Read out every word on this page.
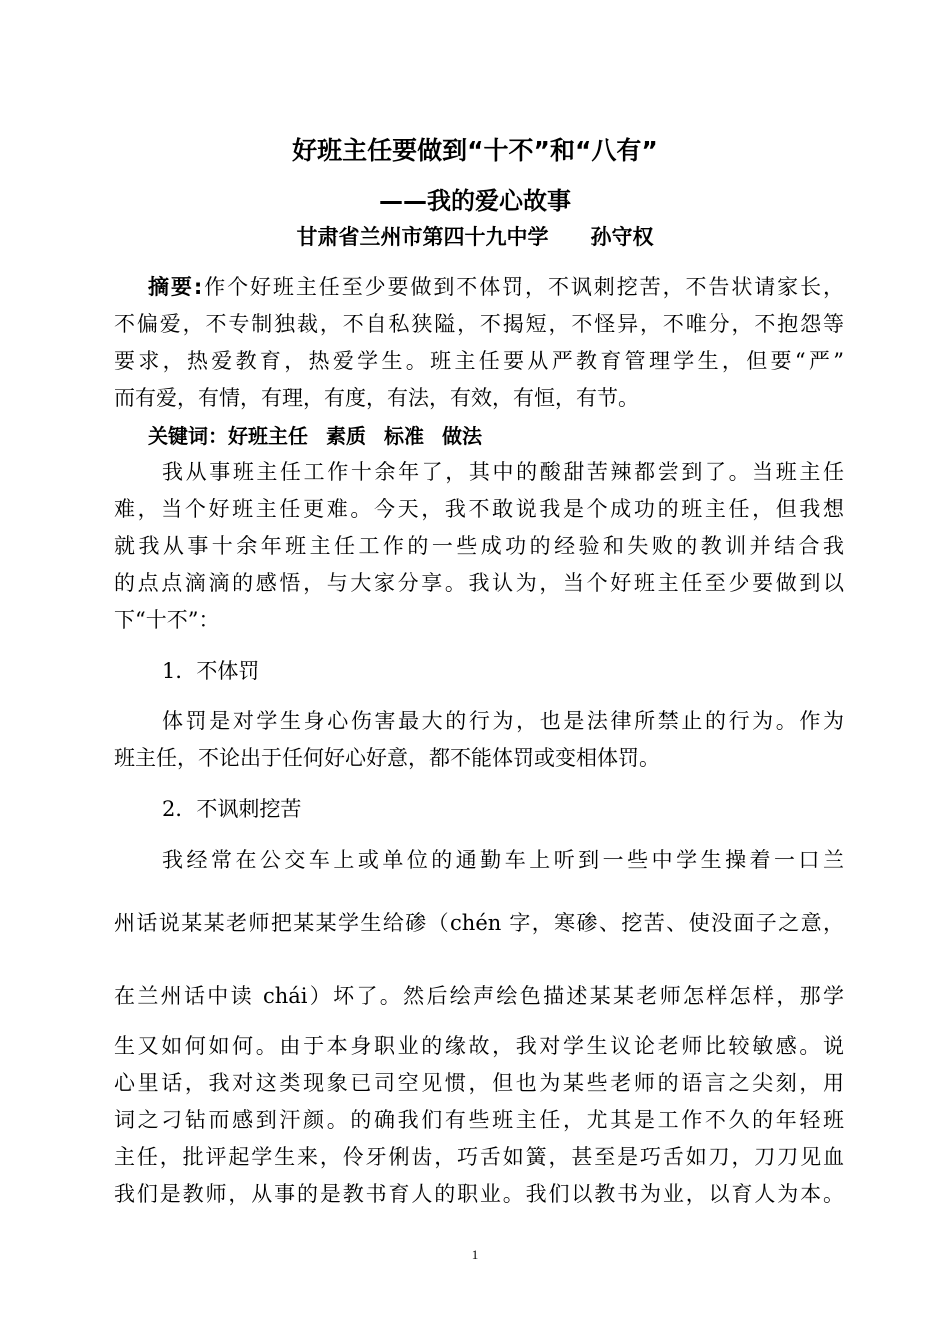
好班主任要做到“十不”和“八有”

——我的爱心故事

甘肃省兰州市第四十九中学　　孙守权

摘要:作个好班主任至少要做到不体罚，不讽刺挖苦，不告状请家长，

不偏爱，不专制独裁，不自私狭隘，不揭短，不怪异，不唯分，不抱怨等

要求，热爱教育，热爱学生。班主任要从严教育管理学生，但要“严”

而有爱，有情，有理，有度，有法，有效，有恒，有节。

关键词：好班主任 素质 标准 做法

我从事班主任工作十余年了，其中的酸甜苦辣都尝到了。当班主任

难，当个好班主任更难。今天，我不敢说我是个成功的班主任，但我想

就我从事十余年班主任工作的一些成功的经验和失败的教训并结合我

的点点滴滴的感悟，与大家分享。我认为，当个好班主任至少要做到以

下“十不”：

1．不体罚

体罚是对学生身心伤害最大的行为，也是法律所禁止的行为。作为

班主任，不论出于任何好心好意，都不能体罚或变相体罚。

2．不讽刺挖苦

我经常在公交车上或单位的通勤车上听到一些中学生操着一口兰

州话说某某老师把某某学生给碜（chén 字，寒碜、挖苦、使没面子之意，

在兰州话中读 chái）坏了。然后绘声绘色描述某某老师怎样怎样，那学

生又如何如何。由于本身职业的缘故，我对学生议论老师比较敏感。说

心里话，我对这类现象已司空见惯，但也为某些老师的语言之尖刻，用

词之刁钻而感到汗颜。的确我们有些班主任，尤其是工作不久的年轻班

主任，批评起学生来，伶牙俐齿，巧舌如簧，甚至是巧舌如刀，刀刀见血

我们是教师，从事的是教书育人的职业。我们以教书为业，以育人为本。

1
